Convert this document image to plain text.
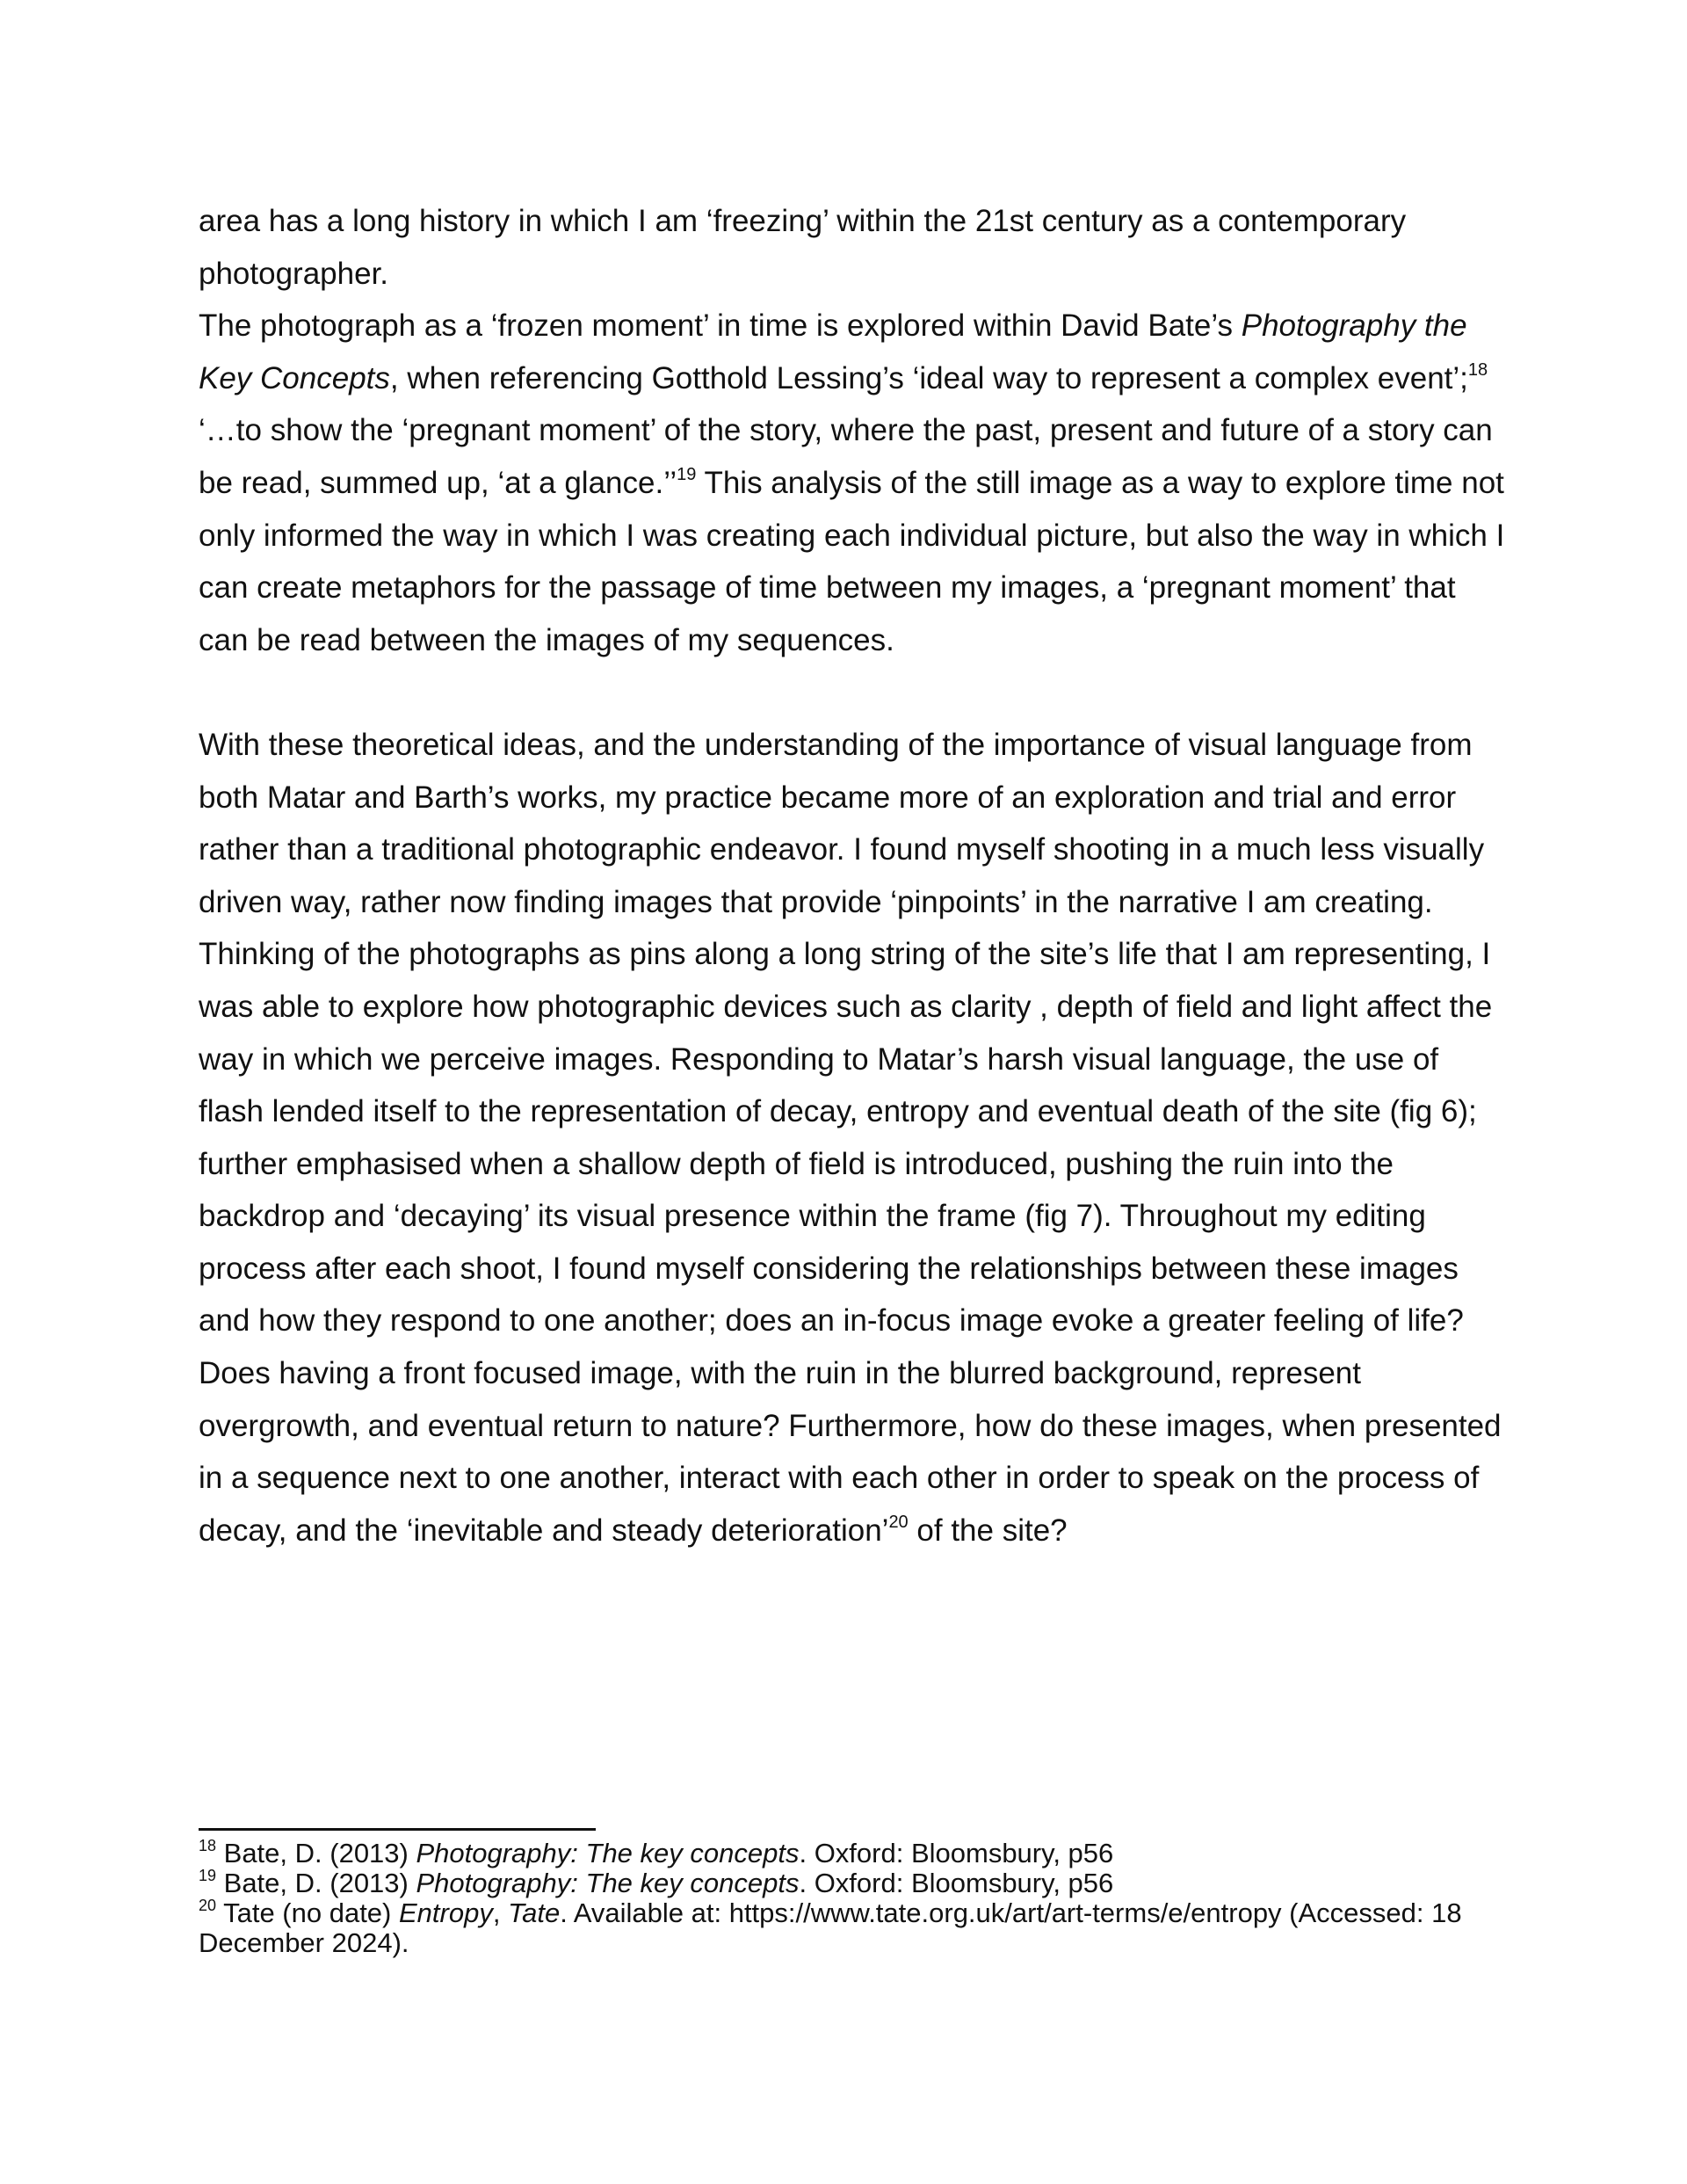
area has a long history in which I am ‘freezing’ within the 21st century as a contemporary
photographer.

The photograph as a ‘frozen moment’ in time is explored within David Bate’s Photography the
Key Concepts, when referencing Gotthold Lessing’s ‘ideal way to represent a complex event’;$^{18}$
‘…to show the ‘pregnant moment’ of the story, where the past, present and future of a story can
be read, summed up, ‘at a glance.’’$^{19}$ This analysis of the still image as a way to explore time not
only informed the way in which I was creating each individual picture, but also the way in which I
can create metaphors for the passage of time between my images, a ‘pregnant moment’ that
can be read between the images of my sequences.

With these theoretical ideas, and the understanding of the importance of visual language from
both Matar and Barth’s works, my practice became more of an exploration and trial and error
rather than a traditional photographic endeavor. I found myself shooting in a much less visually
driven way, rather now finding images that provide ‘pinpoints’ in the narrative I am creating.
Thinking of the photographs as pins along a long string of the site’s life that I am representing, I
was able to explore how photographic devices such as clarity , depth of field and light affect the
way in which we perceive images. Responding to Matar’s harsh visual language, the use of
flash lended itself to the representation of decay, entropy and eventual death of the site (fig 6);
further emphasised when a shallow depth of field is introduced, pushing the ruin into the
backdrop and ‘decaying’ its visual presence within the frame (fig 7). Throughout my editing
process after each shoot, I found myself considering the relationships between these images
and how they respond to one another; does an in-focus image evoke a greater feeling of life?
Does having a front focused image, with the ruin in the blurred background, represent
overgrowth, and eventual return to nature? Furthermore, how do these images, when presented
in a sequence next to one another, interact with each other in order to speak on the process of
decay, and the ‘inevitable and steady deterioration’$^{20}$ of the site?

$^{18}$ Bate, D. (2013) Photography: The key concepts. Oxford: Bloomsbury, p56

$^{19}$ Bate, D. (2013) Photography: The key concepts. Oxford: Bloomsbury, p56

$^{20}$ Tate (no date) Entropy, Tate. Available at: https://www.tate.org.uk/art/art-terms/e/entropy (Accessed: 18
December 2024).
